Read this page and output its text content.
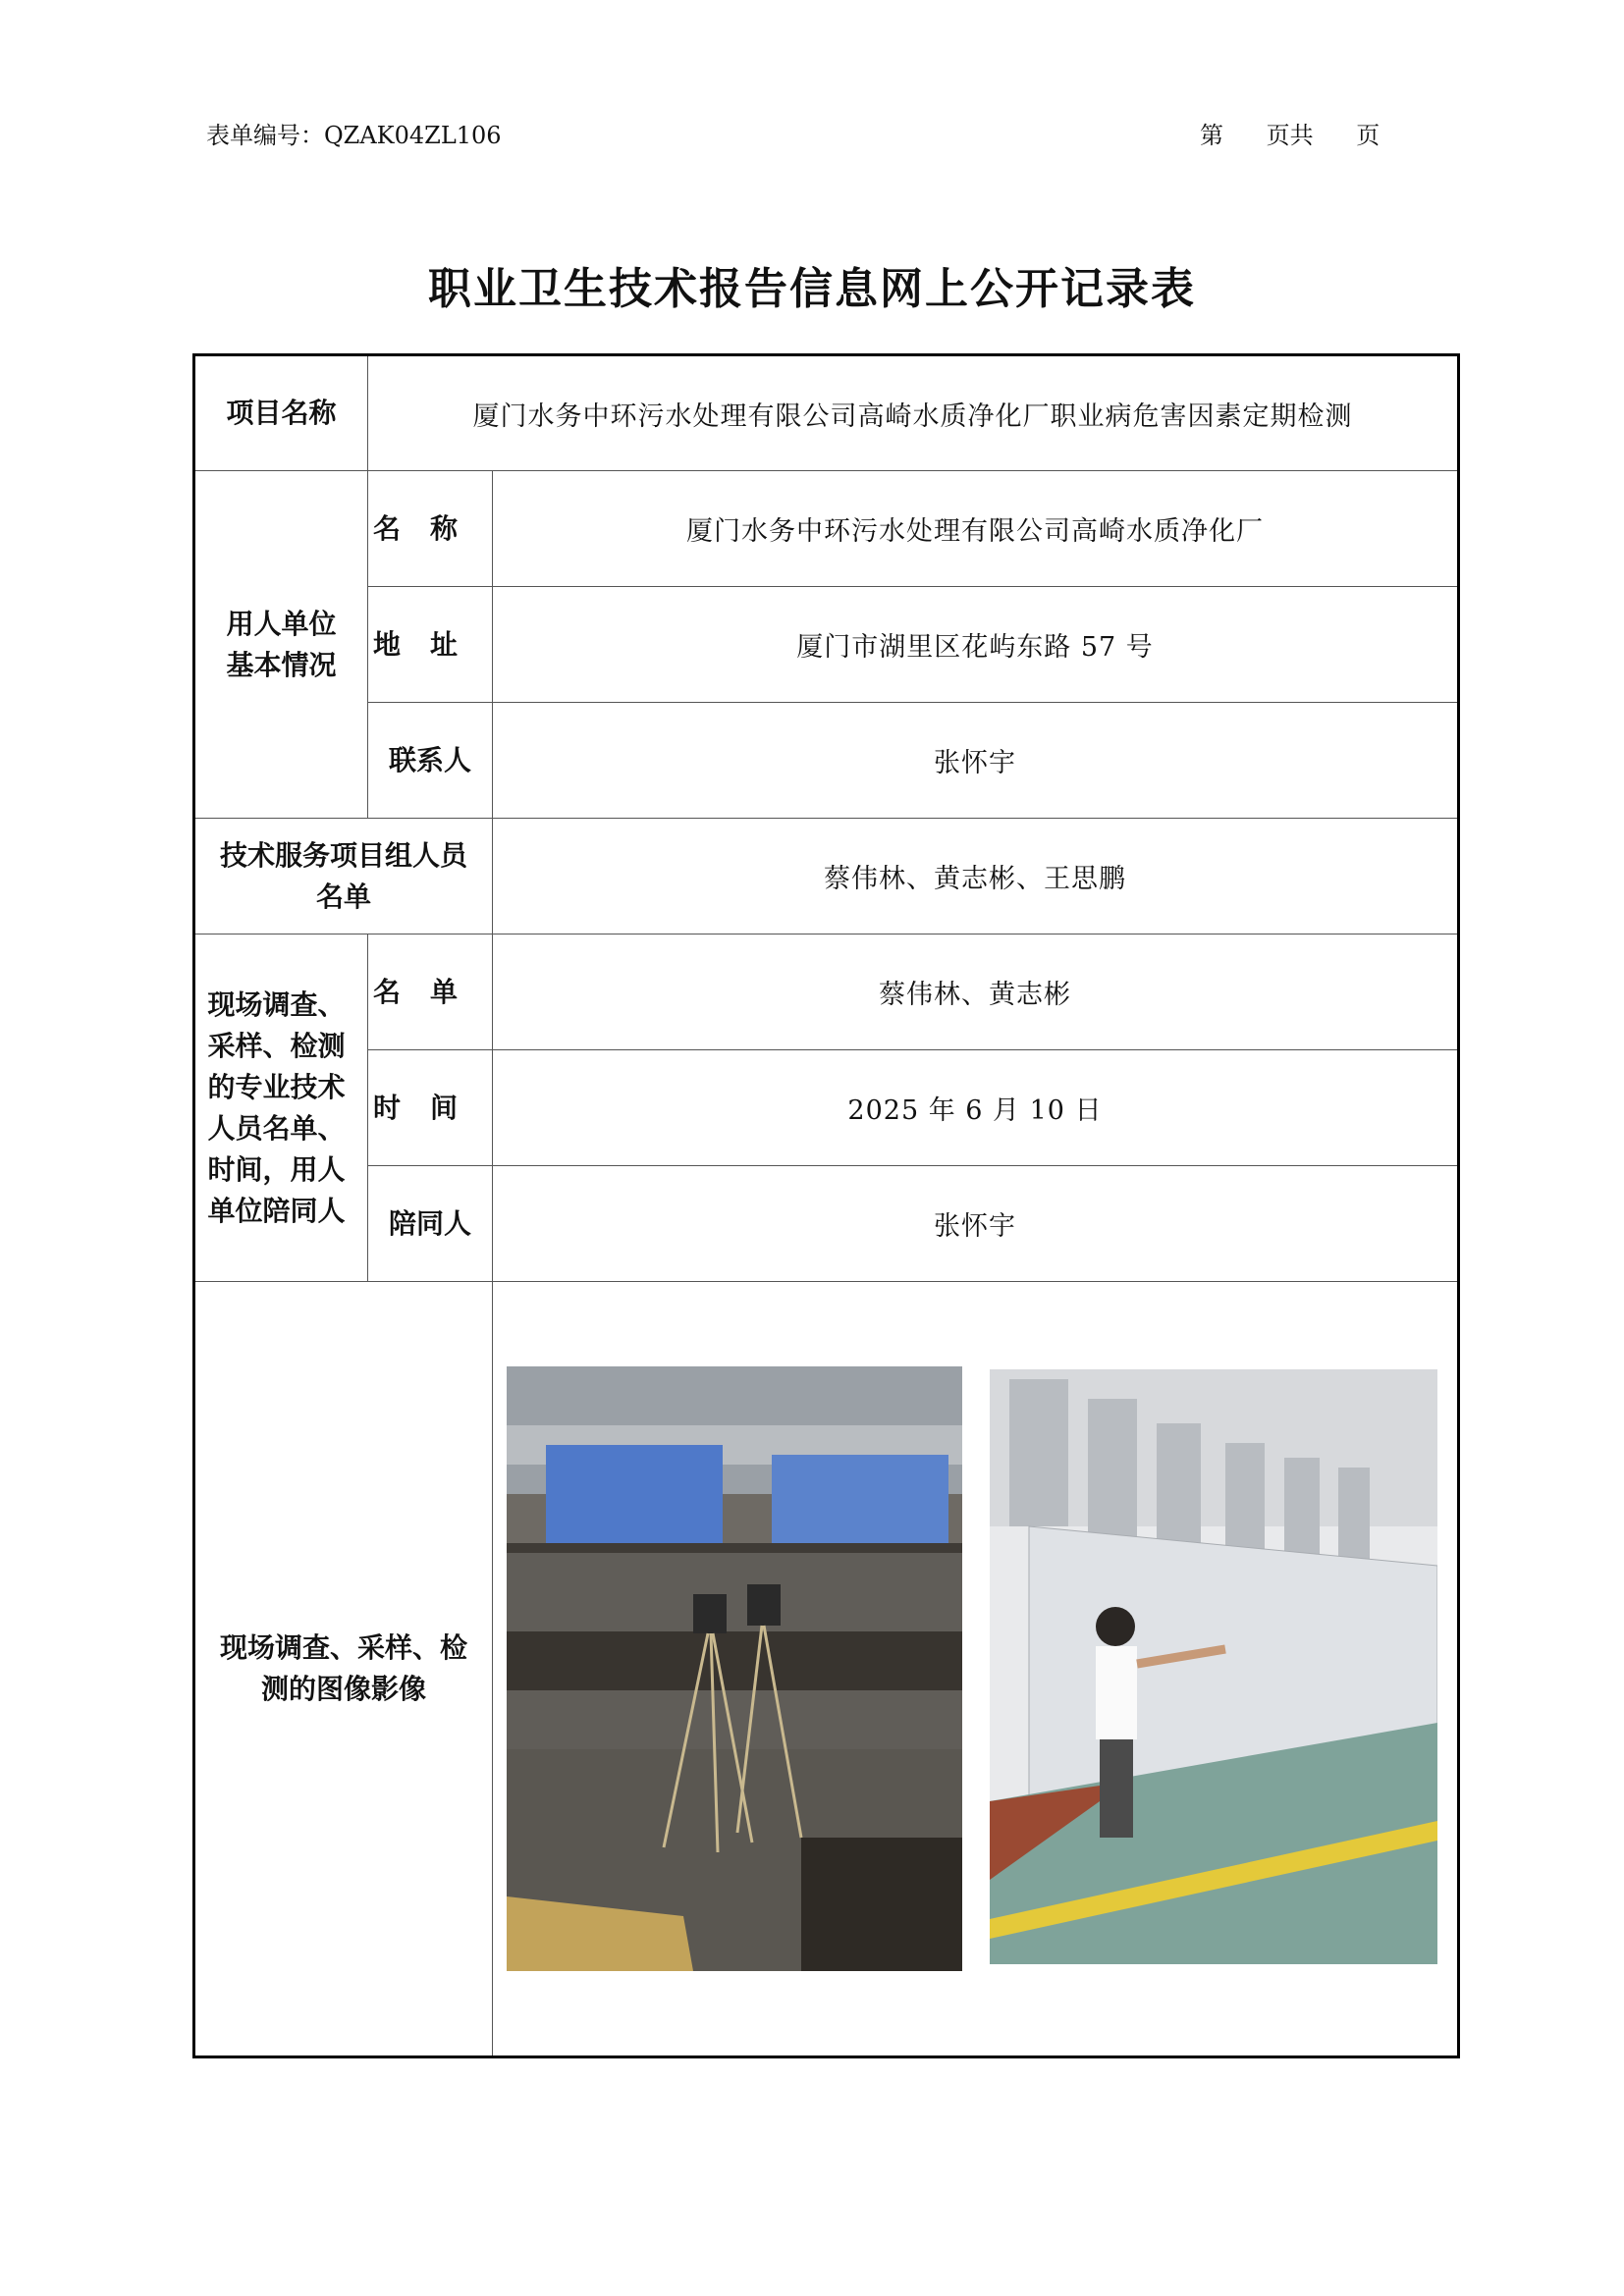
表单编号：QZAK04ZL106	第 页共 页
职业卫生技术报告信息网上公开记录表
项目名称	厦门水务中环污水处理有限公司高崎水质净化厂职业病危害因素定期检测	

用人单位基本情况	名称	厦门水务中环污水处理有限公司高崎水质净化厂
	地址	厦门市湖里区花屿东路 57 号
	联系人	张怀宇

技术服务项目组人员名单		蔡伟林、黄志彬、王思鹏

现场调查、采样、检测的专业技术人员名单、时间，用人单位陪同人	名单	蔡伟林、黄志彬
	时间	2025 年 6 月 10 日
	陪同人	张怀宇

现场调查、采样、检测的图像影像
